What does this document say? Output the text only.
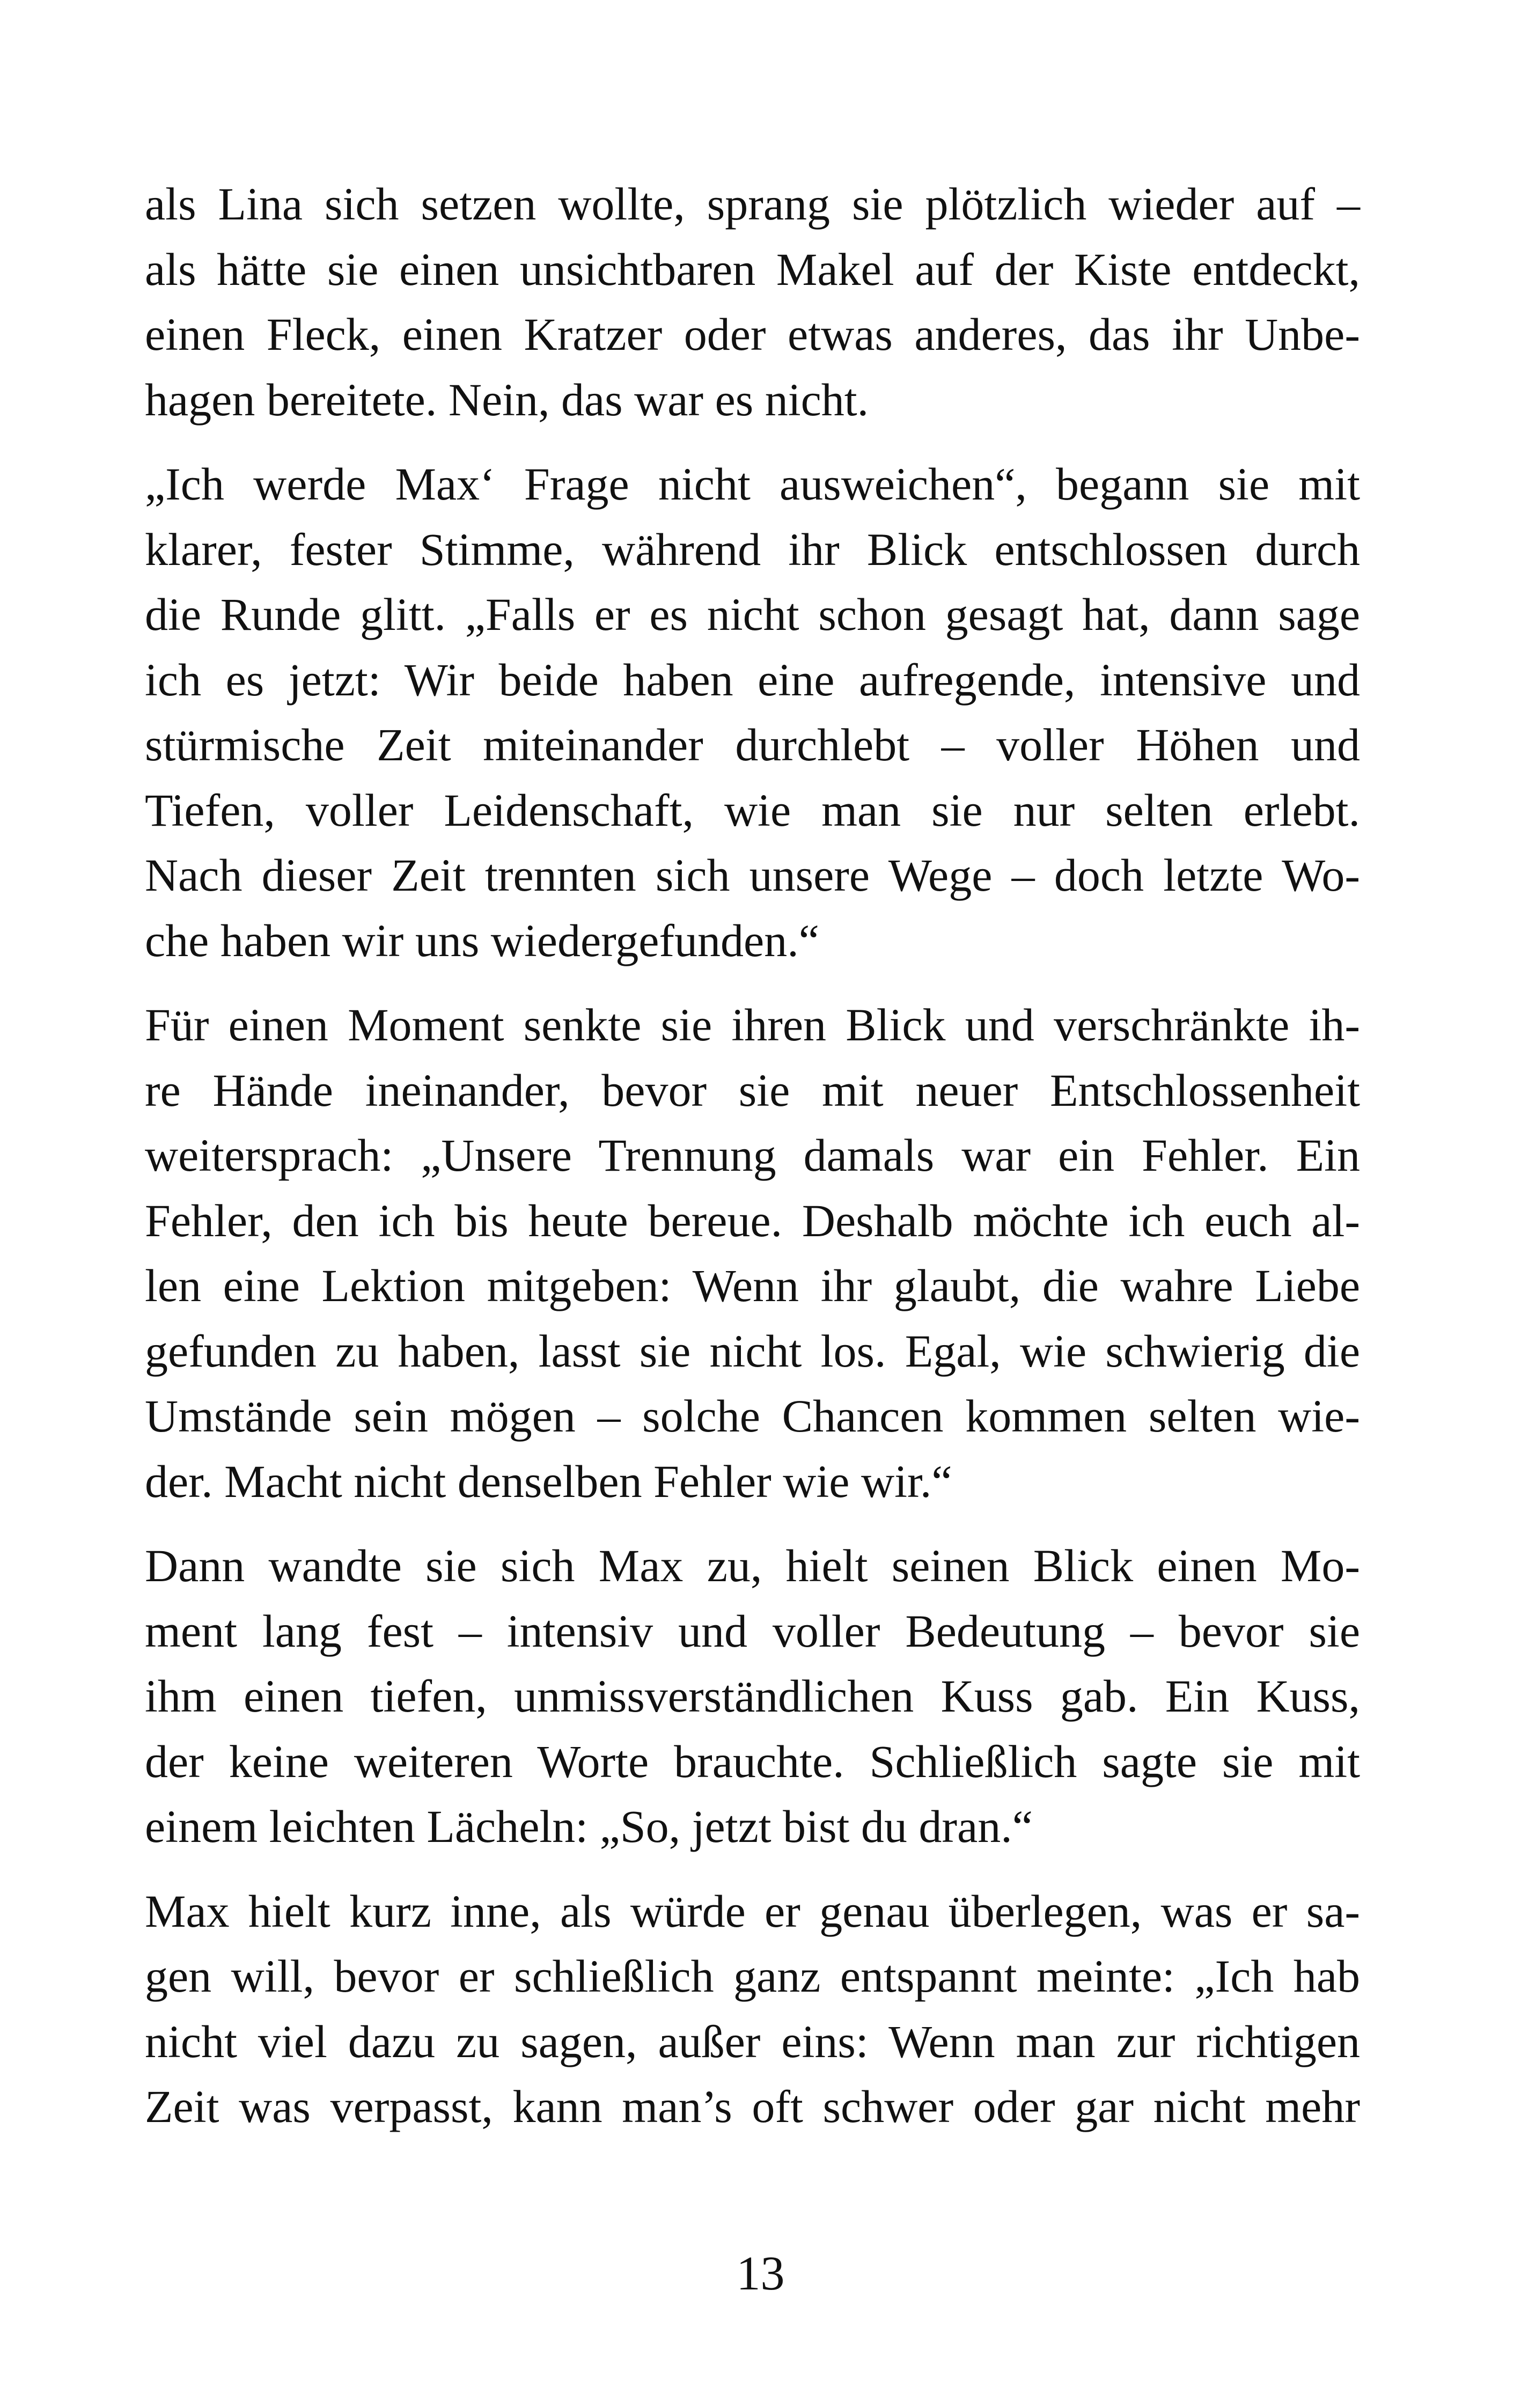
als Lina sich setzen wollte, sprang sie plötzlich wieder auf –
als hätte sie einen unsichtbaren Makel auf der Kiste entdeckt,
einen Fleck, einen Kratzer oder etwas anderes, das ihr Unbe-
hagen bereitete. Nein, das war es nicht.
„Ich werde Max‘ Frage nicht ausweichen“, begann sie mit
klarer, fester Stimme, während ihr Blick entschlossen durch
die Runde glitt. „Falls er es nicht schon gesagt hat, dann sage
ich es jetzt: Wir beide haben eine aufregende, intensive und
stürmische Zeit miteinander durchlebt – voller Höhen und
Tiefen, voller Leidenschaft, wie man sie nur selten erlebt.
Nach dieser Zeit trennten sich unsere Wege – doch letzte Wo-
che haben wir uns wiedergefunden.“
Für einen Moment senkte sie ihren Blick und verschränkte ih-
re Hände ineinander, bevor sie mit neuer Entschlossenheit
weitersprach: „Unsere Trennung damals war ein Fehler. Ein
Fehler, den ich bis heute bereue. Deshalb möchte ich euch al-
len eine Lektion mitgeben: Wenn ihr glaubt, die wahre Liebe
gefunden zu haben, lasst sie nicht los. Egal, wie schwierig die
Umstände sein mögen – solche Chancen kommen selten wie-
der. Macht nicht denselben Fehler wie wir.“
Dann wandte sie sich Max zu, hielt seinen Blick einen Mo-
ment lang fest – intensiv und voller Bedeutung – bevor sie
ihm einen tiefen, unmissverständlichen Kuss gab. Ein Kuss,
der keine weiteren Worte brauchte. Schließlich sagte sie mit
einem leichten Lächeln: „So, jetzt bist du dran.“
Max hielt kurz inne, als würde er genau überlegen, was er sa-
gen will, bevor er schließlich ganz entspannt meinte: „Ich hab
nicht viel dazu zu sagen, außer eins: Wenn man zur richtigen
Zeit was verpasst, kann man’s oft schwer oder gar nicht mehr
13
